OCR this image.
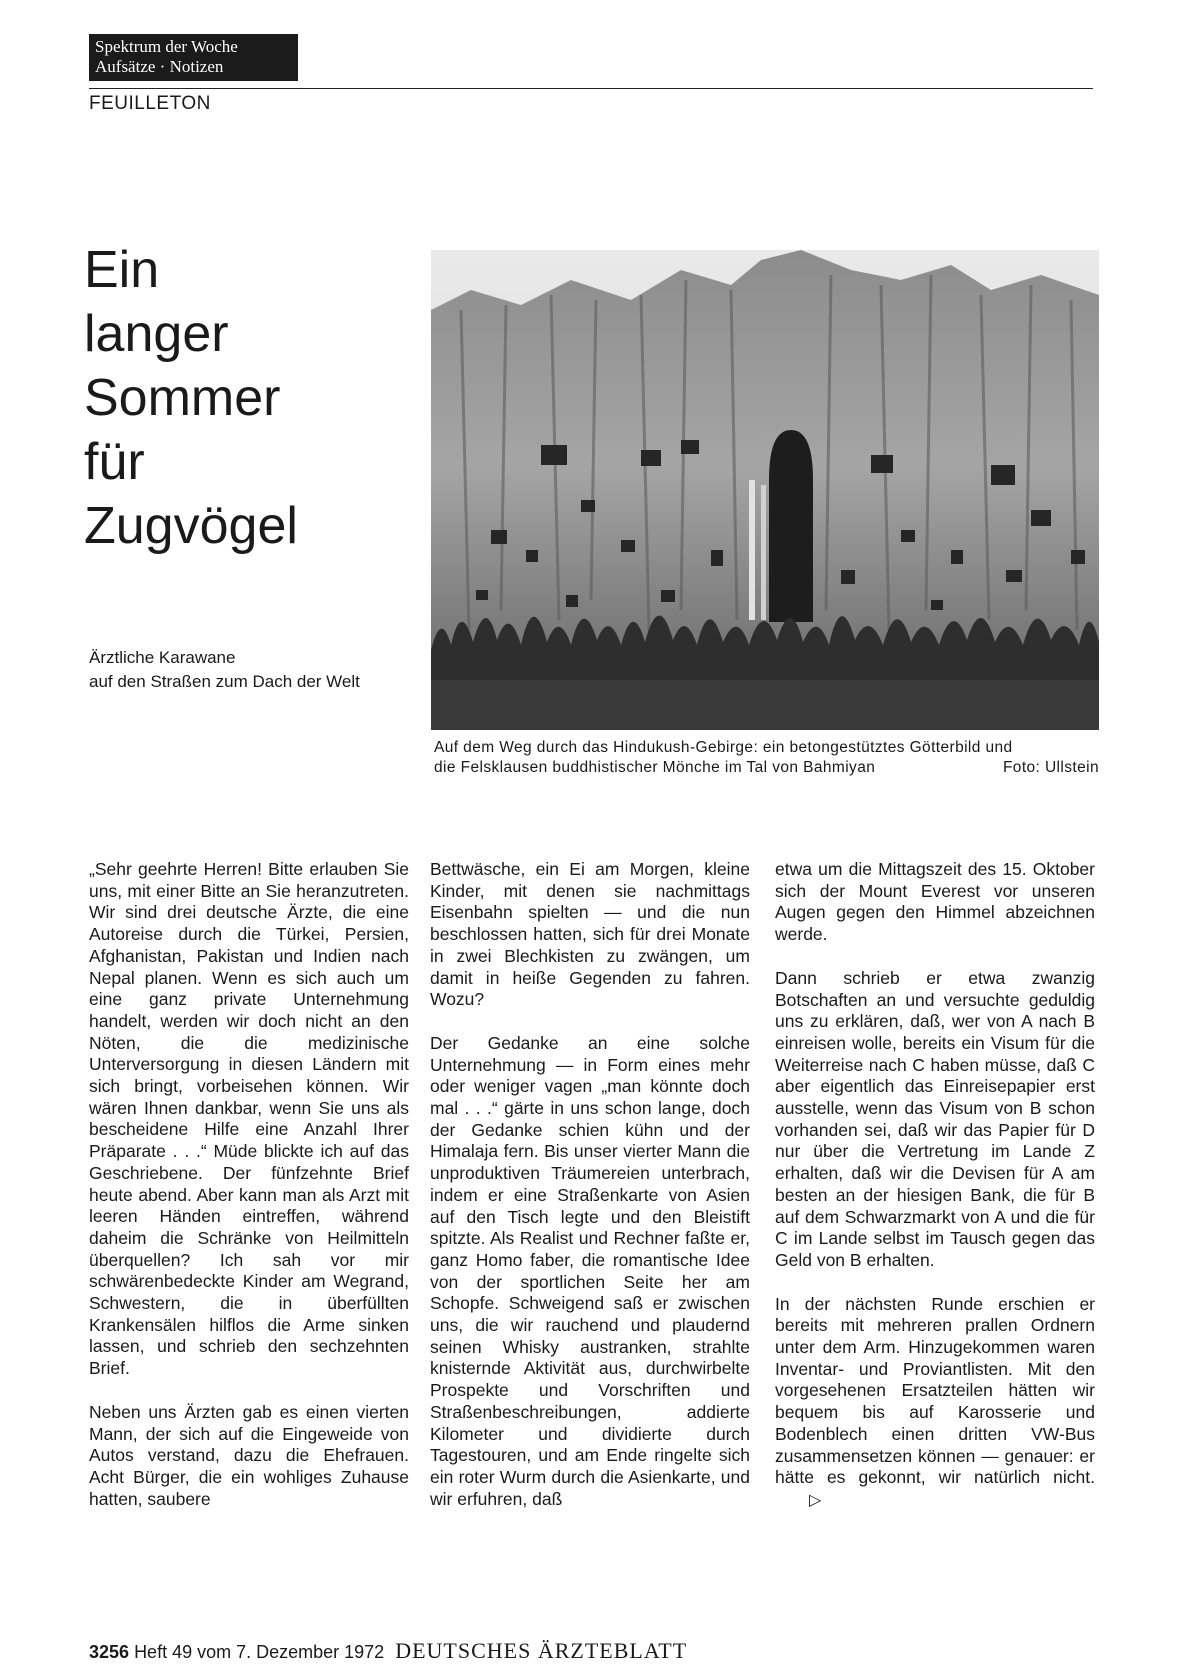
Spektrum der Woche
Aufsätze · Notizen
FEUILLETON
Ein
langer
Sommer
für
Zugvögel
Ärztliche Karawane
auf den Straßen zum Dach der Welt
Auf dem Weg durch das Hindukush-Gebirge: ein betongestütztes Götterbild und
die Felsklausen buddhistischer Mönche im Tal von Bahmiyan	Foto: Ullstein

„Sehr geehrte Herren! Bitte erlauben Sie uns, mit einer Bitte an Sie heranzutreten. Wir sind drei deutsche Ärzte, die eine Autoreise durch die Türkei, Persien, Afghanistan, Pakistan und Indien nach Nepal planen. Wenn es sich auch um eine ganz private Unternehmung handelt, werden wir doch nicht an den Nöten, die die medizinische Unterversorgung in diesen Ländern mit sich bringt, vorbeisehen können. Wir wären Ihnen dankbar, wenn Sie uns als bescheidene Hilfe eine Anzahl Ihrer Präparate . . .“ Müde blickte ich auf das Geschriebene. Der fünfzehnte Brief heute abend. Aber kann man als Arzt mit leeren Händen eintreffen, während daheim die Schränke von Heilmitteln überquellen? Ich sah vor mir schwärenbedeckte Kinder am Wegrand, Schwestern, die in überfüllten Krankensälen hilflos die Arme sinken lassen, und schrieb den sechzehnten Brief.

Neben uns Ärzten gab es einen vierten Mann, der sich auf die Eingeweide von Autos verstand, dazu die Ehefrauen. Acht Bürger, die ein wohliges Zuhause hatten, saubere

Bettwäsche, ein Ei am Morgen, kleine Kinder, mit denen sie nachmittags Eisenbahn spielten — und die nun beschlossen hatten, sich für drei Monate in zwei Blechkisten zu zwängen, um damit in heiße Gegenden zu fahren. Wozu?

Der Gedanke an eine solche Unternehmung — in Form eines mehr oder weniger vagen „man könnte doch mal . . .“ gärte in uns schon lange, doch der Gedanke schien kühn und der Himalaja fern. Bis unser vierter Mann die unproduktiven Träumereien unterbrach, indem er eine Straßenkarte von Asien auf den Tisch legte und den Bleistift spitzte. Als Realist und Rechner faßte er, ganz Homo faber, die romantische Idee von der sportlichen Seite her am Schopfe. Schweigend saß er zwischen uns, die wir rauchend und plaudernd seinen Whisky austranken, strahlte knisternde Aktivität aus, durchwirbelte Prospekte und Vorschriften und Straßenbeschreibungen, addierte Kilometer und dividierte durch Tagestouren, und am Ende ringelte sich ein roter Wurm durch die Asienkarte, und wir erfuhren, daß

etwa um die Mittagszeit des 15. Oktober sich der Mount Everest vor unseren Augen gegen den Himmel abzeichnen werde.

Dann schrieb er etwa zwanzig Botschaften an und versuchte geduldig uns zu erklären, daß, wer von A nach B einreisen wolle, bereits ein Visum für die Weiterreise nach C haben müsse, daß C aber eigentlich das Einreisepapier erst ausstelle, wenn das Visum von B schon vorhanden sei, daß wir das Papier für D nur über die Vertretung im Lande Z erhalten, daß wir die Devisen für A am besten an der hiesigen Bank, die für B auf dem Schwarzmarkt von A und die für C im Lande selbst im Tausch gegen das Geld von B erhalten.

In der nächsten Runde erschien er bereits mit mehreren prallen Ordnern unter dem Arm. Hinzugekommen waren Inventar- und Proviantlisten. Mit den vorgesehenen Ersatzteilen hätten wir bequem bis auf Karosserie und Bodenblech einen dritten VW-Bus zusammensetzen können — genauer: er hätte es gekonnt, wir natürlich nicht.▷

3256 Heft 49 vom 7. Dezember 1972 DEUTSCHES ÄRZTEBLATT
